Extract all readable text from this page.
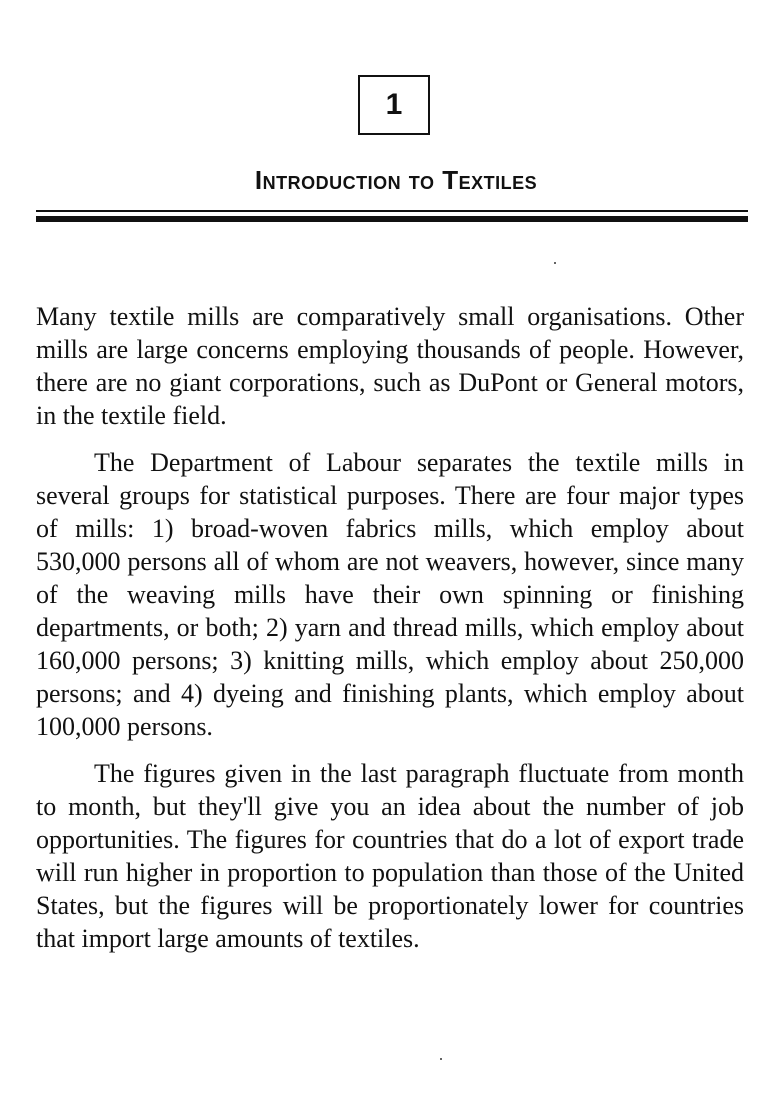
1
Introduction to Textiles

Many textile mills are comparatively small organisations. Other mills are large concerns employing thousands of people. However, there are no giant corporations, such as DuPont or General motors, in the textile field.

The Department of Labour separates the textile mills in several groups for statistical purposes. There are four major types of mills: 1) broad-woven fabrics mills, which employ about 530,000 persons all of whom are not weavers, however, since many of the weaving mills have their own spinning or finishing departments, or both; 2) yarn and thread mills, which employ about 160,000 persons; 3) knitting mills, which employ about 250,000 persons; and 4) dyeing and finishing plants, which employ about 100,000 persons.

The figures given in the last paragraph fluctuate from month to month, but they'll give you an idea about the number of job opportunities. The figures for countries that do a lot of export trade will run higher in proportion to population than those of the United States, but the figures will be proportionately lower for countries that import large amounts of textiles.
